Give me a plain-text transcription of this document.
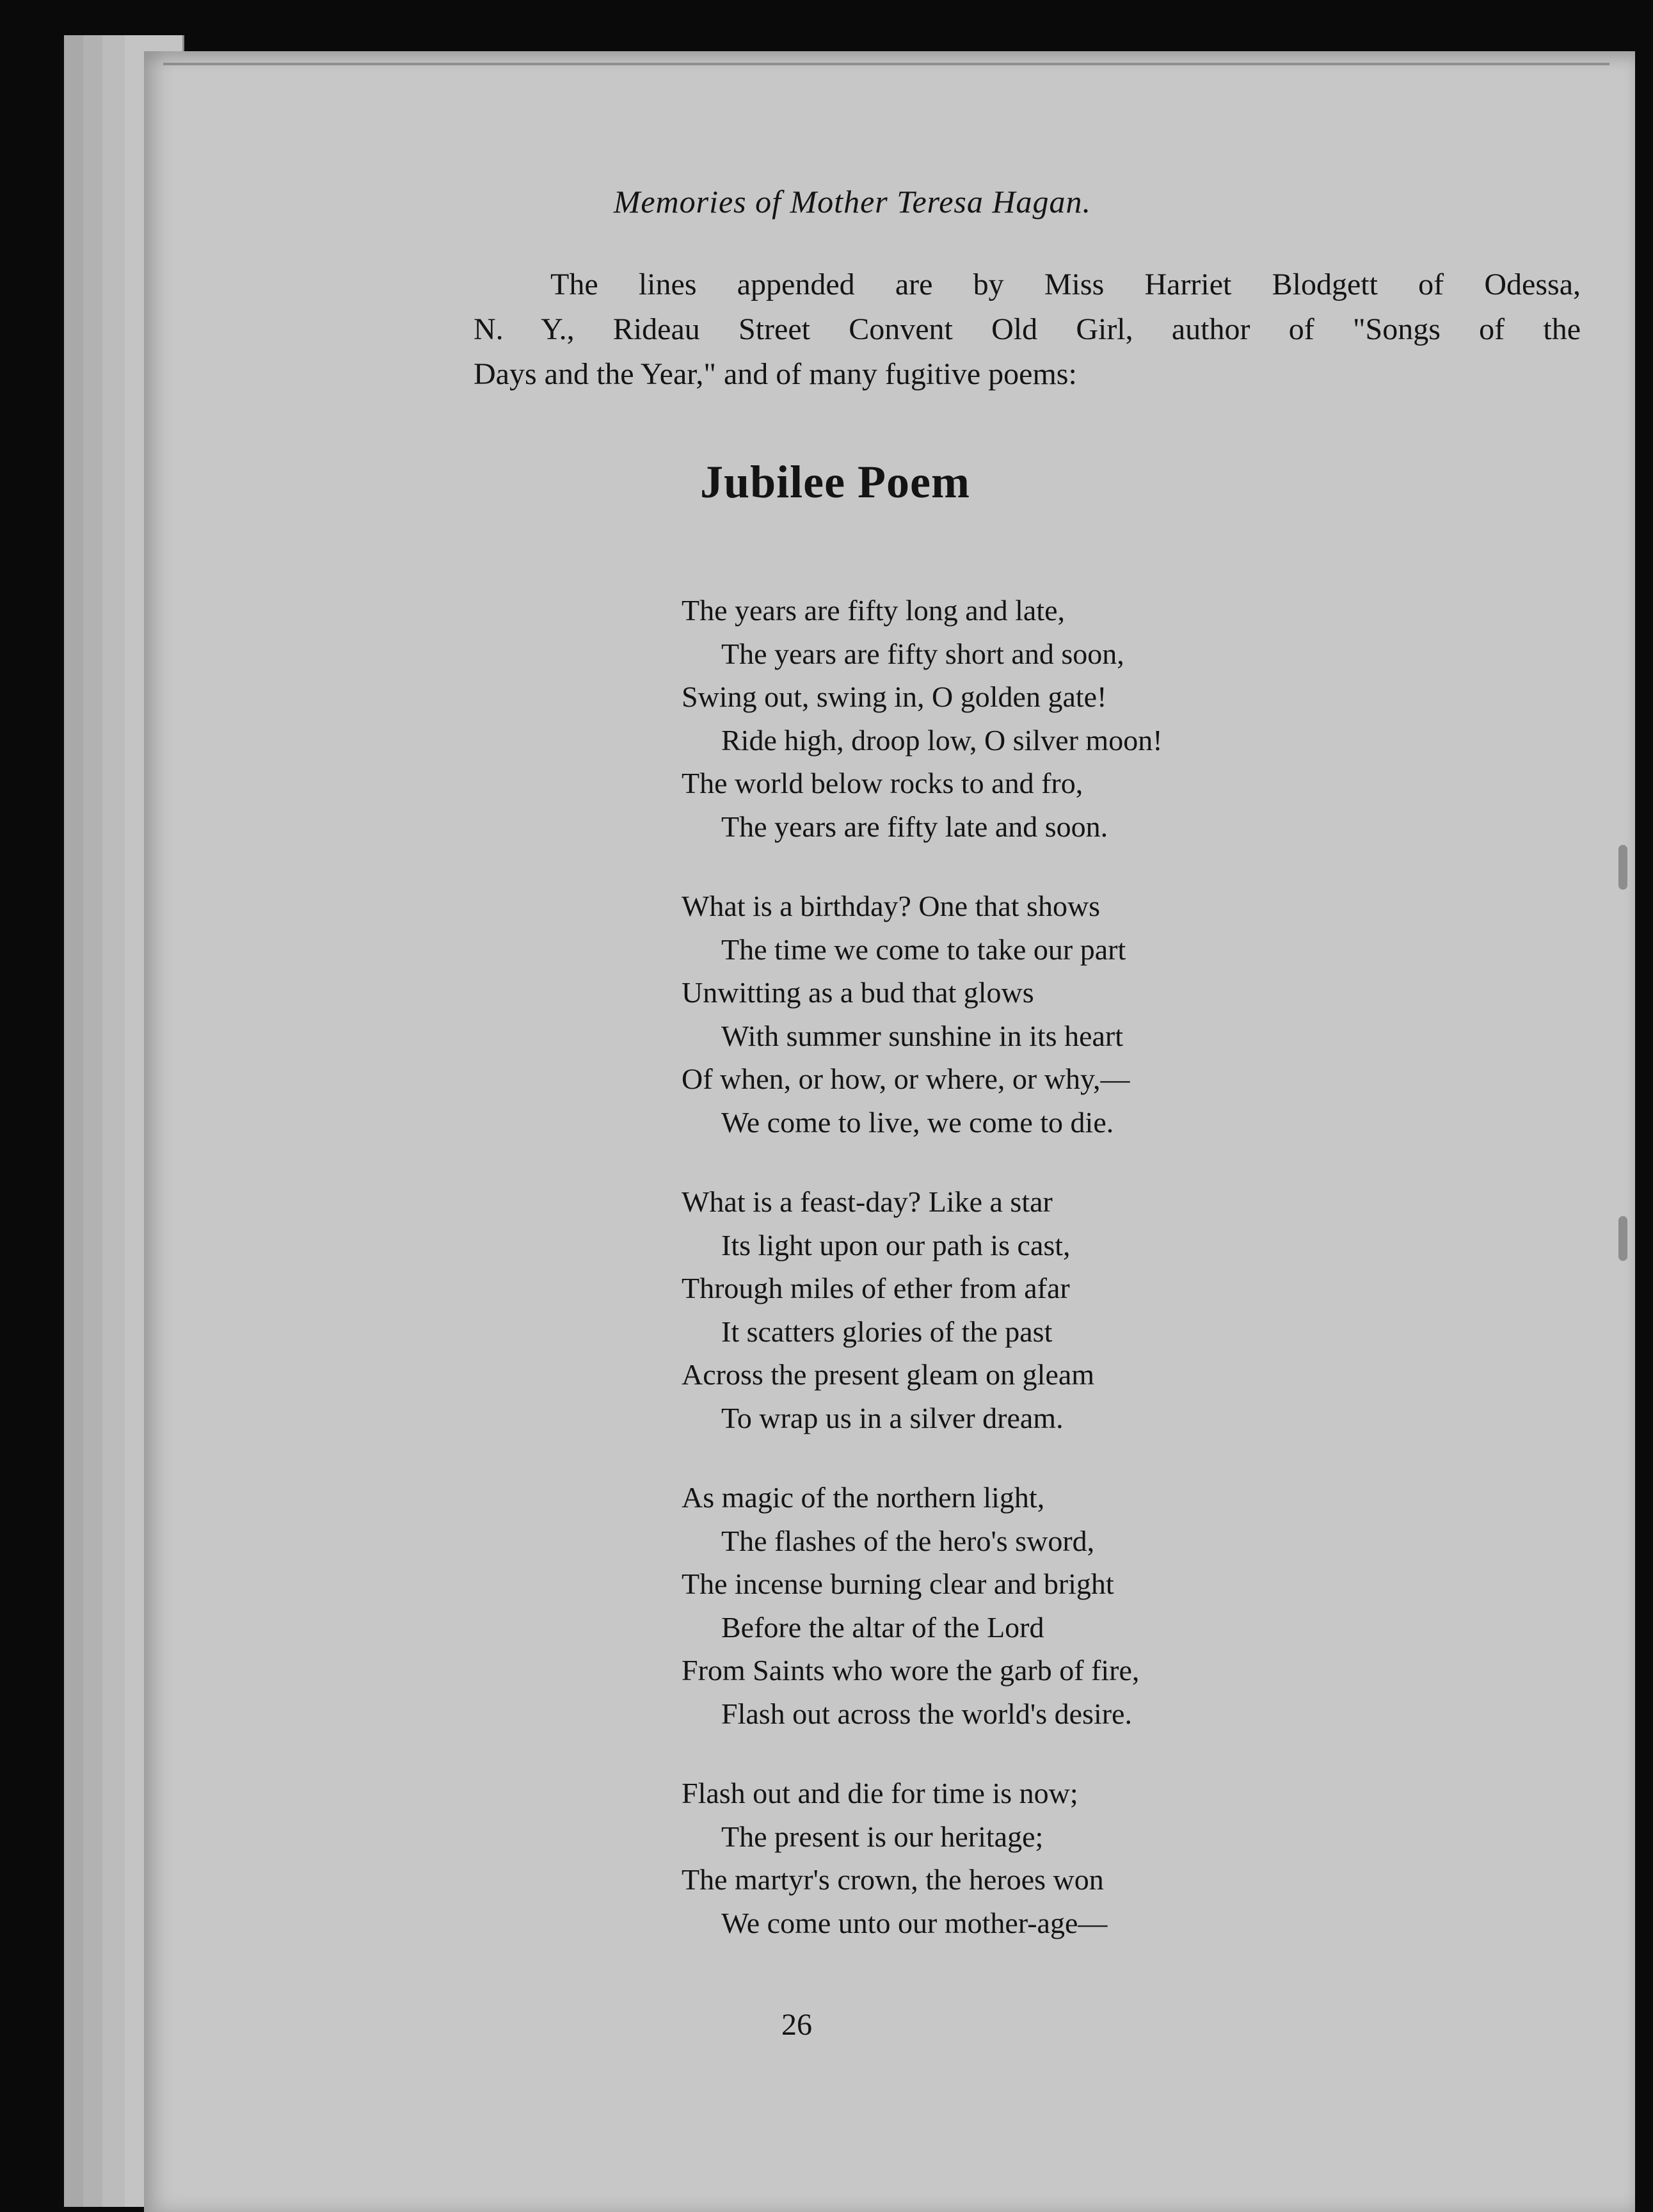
Memories of Mother Teresa Hagan.

The lines appended are by Miss Harriet Blodgett of Odessa,

N. Y., Rideau Street Convent Old Girl, author of "Songs of the
Days and the Year," and of many fugitive poems:
Jubilee Poem
The years are fifty long and late,
The years are fifty short and soon,
Swing out, swing in, O golden gate!
Ride high, droop low, O silver moon!
The world below rocks to and fro,
The years are fifty late and soon.
What is a birthday? One that shows
The time we come to take our part
Unwitting as a bud that glows
With summer sunshine in its heart
Of when, or how, or where, or why,—
We come to live, we come to die.
What is a feast-day? Like a star
Its light upon our path is cast,
Through miles of ether from afar
It scatters glories of the past
Across the present gleam on gleam
To wrap us in a silver dream.
As magic of the northern light,
The flashes of the hero's sword,
The incense burning clear and bright
Before the altar of the Lord
From Saints who wore the garb of fire,
Flash out across the world's desire.
Flash out and die for time is now;
The present is our heritage;
The martyr's crown, the heroes won
We come unto our mother-age—
26
